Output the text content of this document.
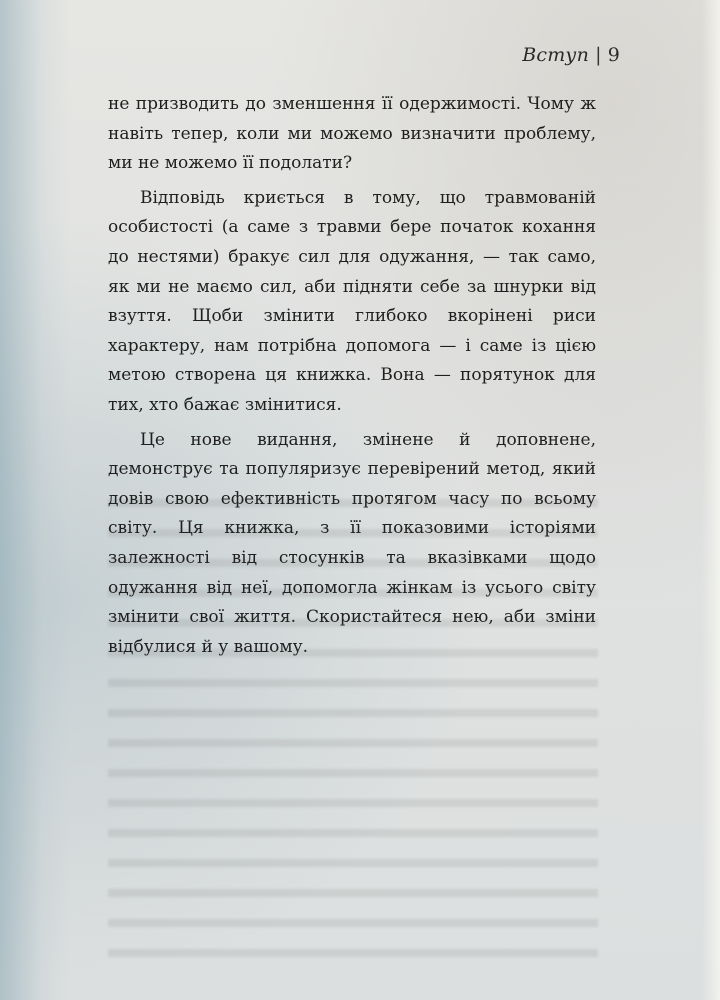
Вступ | 9

не призводить до зменшення її одержимості. Чому ж навіть тепер, коли ми можемо визначити проблему, ми не можемо її подолати?

Відповідь криється в тому, що травмованій особистості (а саме з травми бере початок кохання до нестями) бракує сил для одужання, — так само, як ми не маємо сил, аби підняти себе за шнурки від взуття. Щоби змінити глибоко вкорінені риси характеру, нам потрібна допомога — і саме із цією метою створена ця книжка. Вона — порятунок для тих, хто бажає змінитися.

Це нове видання, змінене й доповнене, демонструє та популяризує перевірений метод, який довів свою ефективність протягом часу по всьому світу. Ця книжка, з її показовими історіями залежності від стосунків та вказівками щодо одужання від неї, допомогла жінкам із усього світу змінити свої життя. Скористайтеся нею, аби зміни відбулися й у вашому.
